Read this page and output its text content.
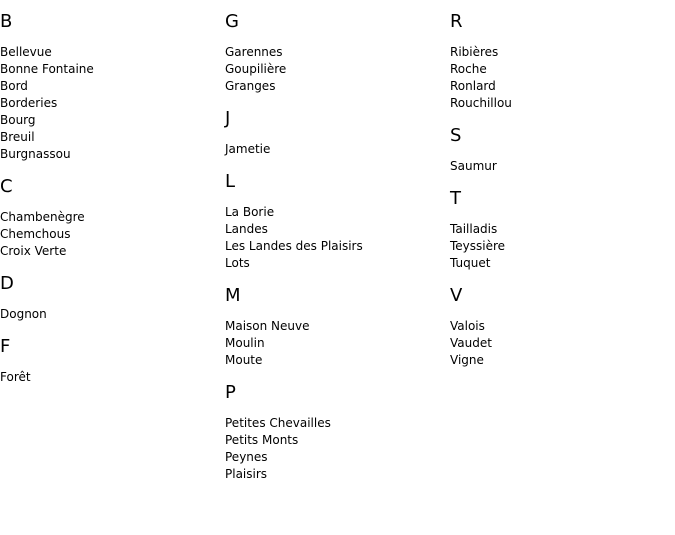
B
Bellevue
Bonne Fontaine
Bord
Borderies
Bourg
Breuil
Burgnassou
C
Chambenègre
Chemchous
Croix Verte
D
Dognon
F
Forêt
G
Garennes
Goupilière
Granges
J
Jametie
L
La Borie
Landes
Les Landes des Plaisirs
Lots
M
Maison Neuve
Moulin
Moute
P
Petites Chevailles
Petits Monts
Peynes
Plaisirs
R
Ribières
Roche
Ronlard
Rouchillou
S
Saumur
T
Tailladis
Teyssière
Tuquet
V
Valois
Vaudet
Vigne
